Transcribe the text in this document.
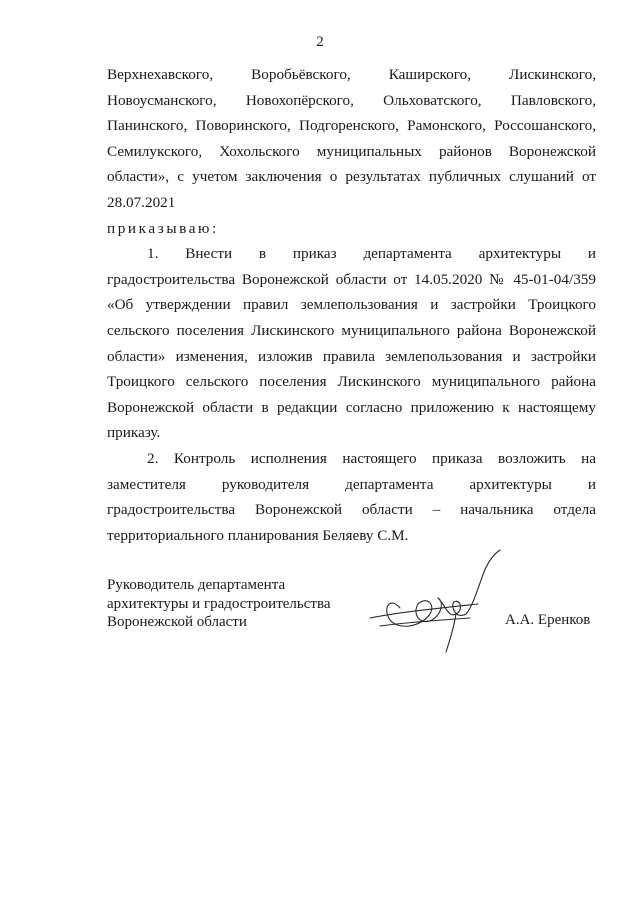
2

Верхнехавского, Воробьёвского, Каширского, Лискинского,

Новоусманского, Новохопёрского, Ольховатского, Павловского,

Панинского, Поворинского, Подгоренского, Рамонского, Россошанского,

Семилукского, Хохольского муниципальных районов Воронежской

области», с учетом заключения о результатах публичных слушаний от

28.07.2021

приказываю:

1. Внести в приказ департамента архитектуры и

градостроительства Воронежской области от 14.05.2020 № 45-01-04/359

«Об утверждении правил землепользования и застройки Троицкого

сельского поселения Лискинского муниципального района Воронежской

области» изменения, изложив правила землепользования и застройки

Троицкого сельского поселения Лискинского муниципального района

Воронежской области в редакции согласно приложению к настоящему

приказу.

2. Контроль исполнения настоящего приказа возложить на

заместителя руководителя департамента архитектуры и

градостроительства Воронежской области – начальника отдела

территориального планирования Беляеву С.М.

Руководитель департамента
архитектуры и градостроительства
Воронежской области	А.А. Еренков
